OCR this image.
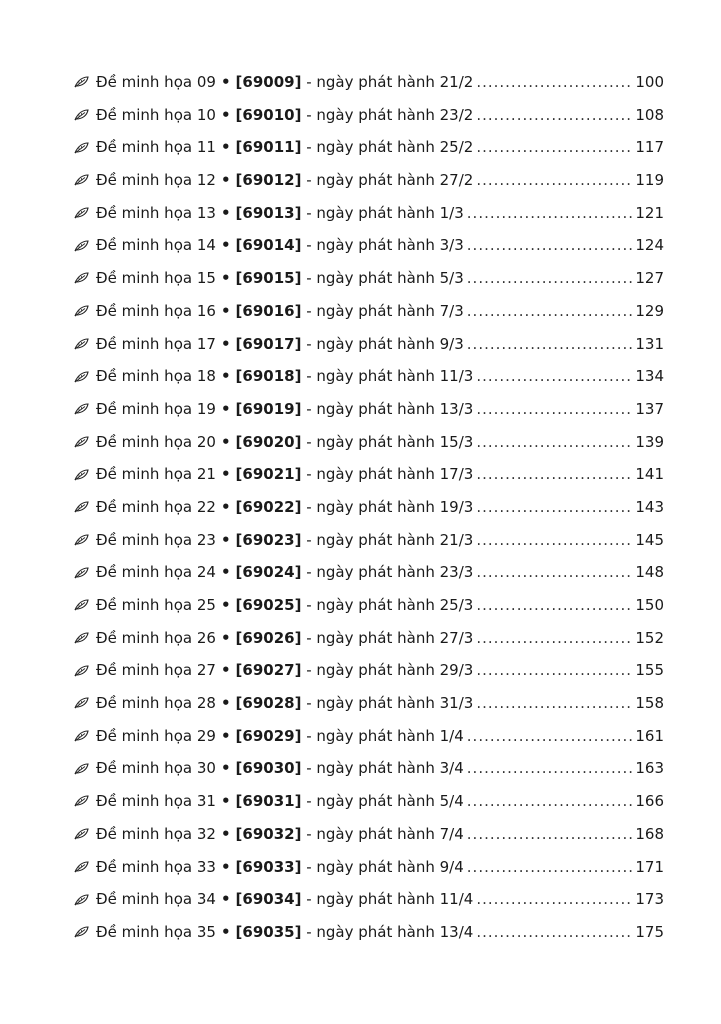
Đề minh họa 09 • [69009] - ngày phát hành 21/2 .....	100
Đề minh họa 10 • [69010] - ngày phát hành 23/2 .....	108
Đề minh họa 11 • [69011] - ngày phát hành 25/2 .....	117
Đề minh họa 12 • [69012] - ngày phát hành 27/2 .....	119
Đề minh họa 13 • [69013] - ngày phát hành 1/3 .....	121
Đề minh họa 14 • [69014] - ngày phát hành 3/3 .....	124
Đề minh họa 15 • [69015] - ngày phát hành 5/3 .....	127
Đề minh họa 16 • [69016] - ngày phát hành 7/3 .....	129
Đề minh họa 17 • [69017] - ngày phát hành 9/3 .....	131
Đề minh họa 18 • [69018] - ngày phát hành 11/3 .....	134
Đề minh họa 19 • [69019] - ngày phát hành 13/3 .....	137
Đề minh họa 20 • [69020] - ngày phát hành 15/3 .....	139
Đề minh họa 21 • [69021] - ngày phát hành 17/3 .....	141
Đề minh họa 22 • [69022] - ngày phát hành 19/3 .....	143
Đề minh họa 23 • [69023] - ngày phát hành 21/3 .....	145
Đề minh họa 24 • [69024] - ngày phát hành 23/3 .....	148
Đề minh họa 25 • [69025] - ngày phát hành 25/3 .....	150
Đề minh họa 26 • [69026] - ngày phát hành 27/3 .....	152
Đề minh họa 27 • [69027] - ngày phát hành 29/3 .....	155
Đề minh họa 28 • [69028] - ngày phát hành 31/3 .....	158
Đề minh họa 29 • [69029] - ngày phát hành 1/4 .....	161
Đề minh họa 30 • [69030] - ngày phát hành 3/4 .....	163
Đề minh họa 31 • [69031] - ngày phát hành 5/4 .....	166
Đề minh họa 32 • [69032] - ngày phát hành 7/4 .....	168
Đề minh họa 33 • [69033] - ngày phát hành 9/4 .....	171
Đề minh họa 34 • [69034] - ngày phát hành 11/4 .....	173
Đề minh họa 35 • [69035] - ngày phát hành 13/4 .....	175
